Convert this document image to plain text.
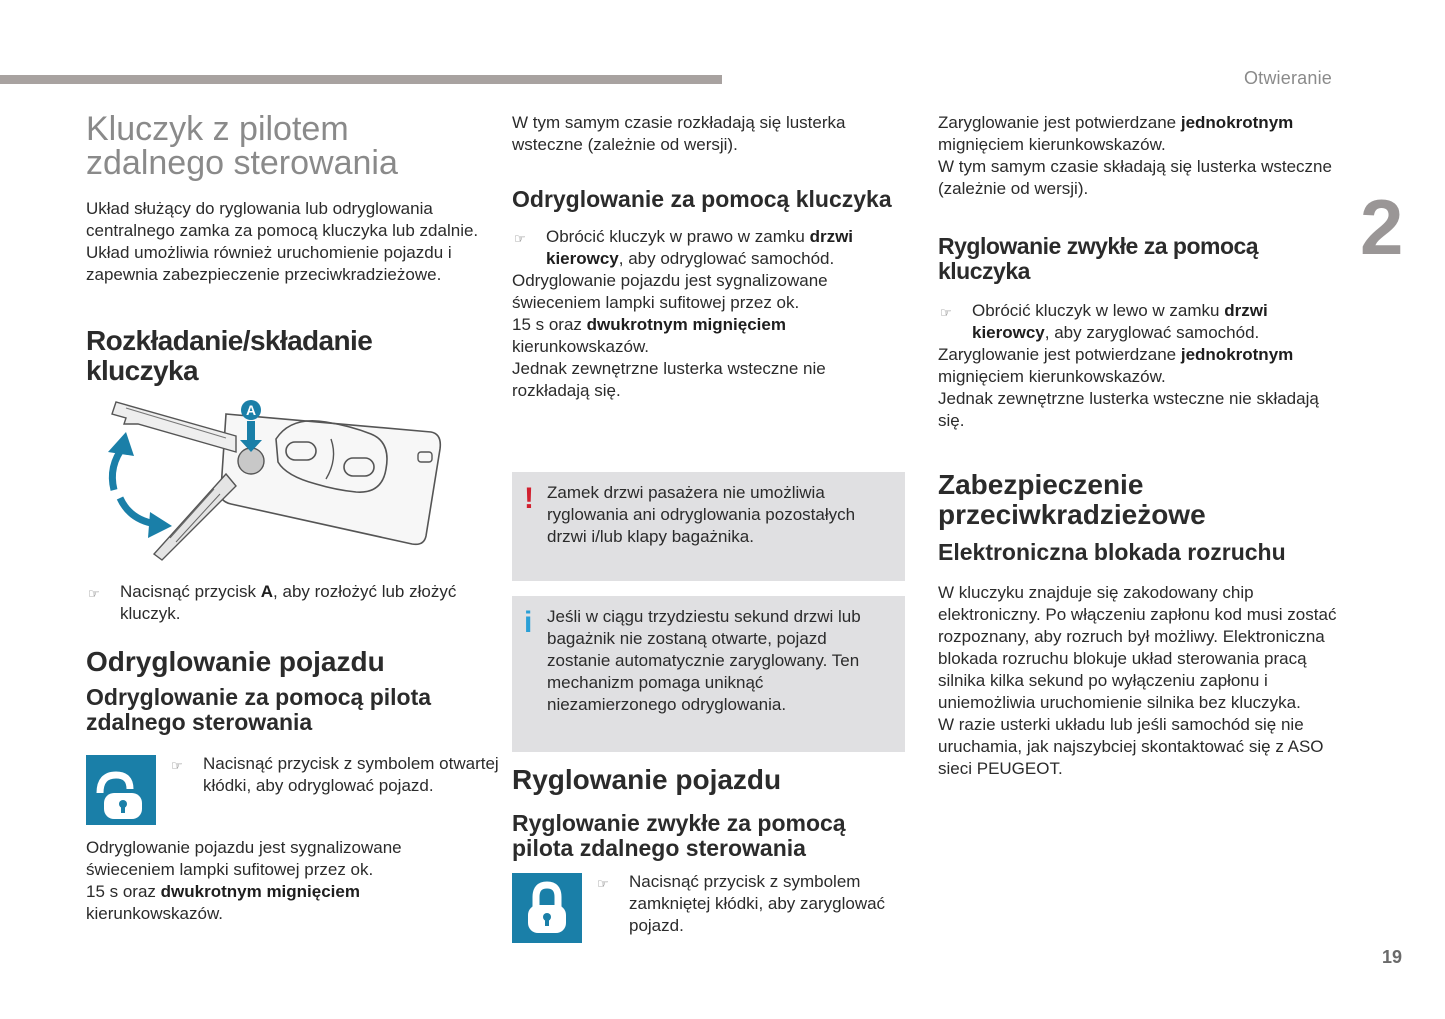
Otwieranie
2
19
Kluczyk z pilotem
zdalnego sterowania

Układ służący do ryglowania lub odryglowania centralnego zamka za pomocą kluczyka lub zdalnie. Układ umożliwia również uruchomienie pojazdu i zapewnia zabezpieczenie przeciwkradzieżowe.

Rozkładanie/składanie kluczyka
A

☞ Nacisnąć przycisk A, aby rozłożyć lub złożyć kluczyk.

Odryglowanie pojazdu
Odryglowanie za pomocą pilota zdalnego sterowania

☞ Nacisnąć przycisk z symbolem otwartej kłódki, aby odryglować pojazd.

Odryglowanie pojazdu jest sygnalizowane świeceniem lampki sufitowej przez ok.
15 s oraz dwukrotnym mignięciem
kierunkowskazów.

W tym samym czasie rozkładają się lusterka wsteczne (zależnie od wersji).

Odryglowanie za pomocą kluczyka

☞ Obrócić kluczyk w prawo w zamku drzwi kierowcy, aby odryglować samochód.

Odryglowanie pojazdu jest sygnalizowane świeceniem lampki sufitowej przez ok.
15 s oraz dwukrotnym mignięciem
kierunkowskazów.
Jednak zewnętrzne lusterka wsteczne nie rozkładają się.

! Zamek drzwi pasażera nie umożliwia ryglowania ani odryglowania pozostałych drzwi i/lub klapy bagażnika.

i Jeśli w ciągu trzydziestu sekund drzwi lub bagażnik nie zostaną otwarte, pojazd zostanie automatycznie zaryglowany. Ten mechanizm pomaga uniknąć niezamierzonego odryglowania.

Ryglowanie pojazdu
Ryglowanie zwykłe za pomocą pilota zdalnego sterowania

☞ Nacisnąć przycisk z symbolem zamkniętej kłódki, aby zaryglować pojazd.

Zaryglowanie jest potwierdzane jednokrotnym
mignięciem kierunkowskazów.

W tym samym czasie składają się lusterka wsteczne (zależnie od wersji).

Ryglowanie zwykłe za pomocą kluczyka

☞ Obrócić kluczyk w lewo w zamku drzwi kierowcy, aby zaryglować samochód.

Zaryglowanie jest potwierdzane jednokrotnym
mignięciem kierunkowskazów.
Jednak zewnętrzne lusterka wsteczne nie składają się.

Zabezpieczenie
przeciwkradzieżowe
Elektroniczna blokada rozruchu

W kluczyku znajduje się zakodowany chip elektroniczny. Po włączeniu zapłonu kod musi zostać rozpoznany, aby rozruch był możliwy. Elektroniczna blokada rozruchu blokuje układ sterowania pracą silnika kilka sekund po wyłączeniu zapłonu i uniemożliwia uruchomienie silnika bez kluczyka.

W razie usterki układu lub jeśli samochód się nie uruchamia, jak najszybciej skontaktować się z ASO sieci PEUGEOT.
